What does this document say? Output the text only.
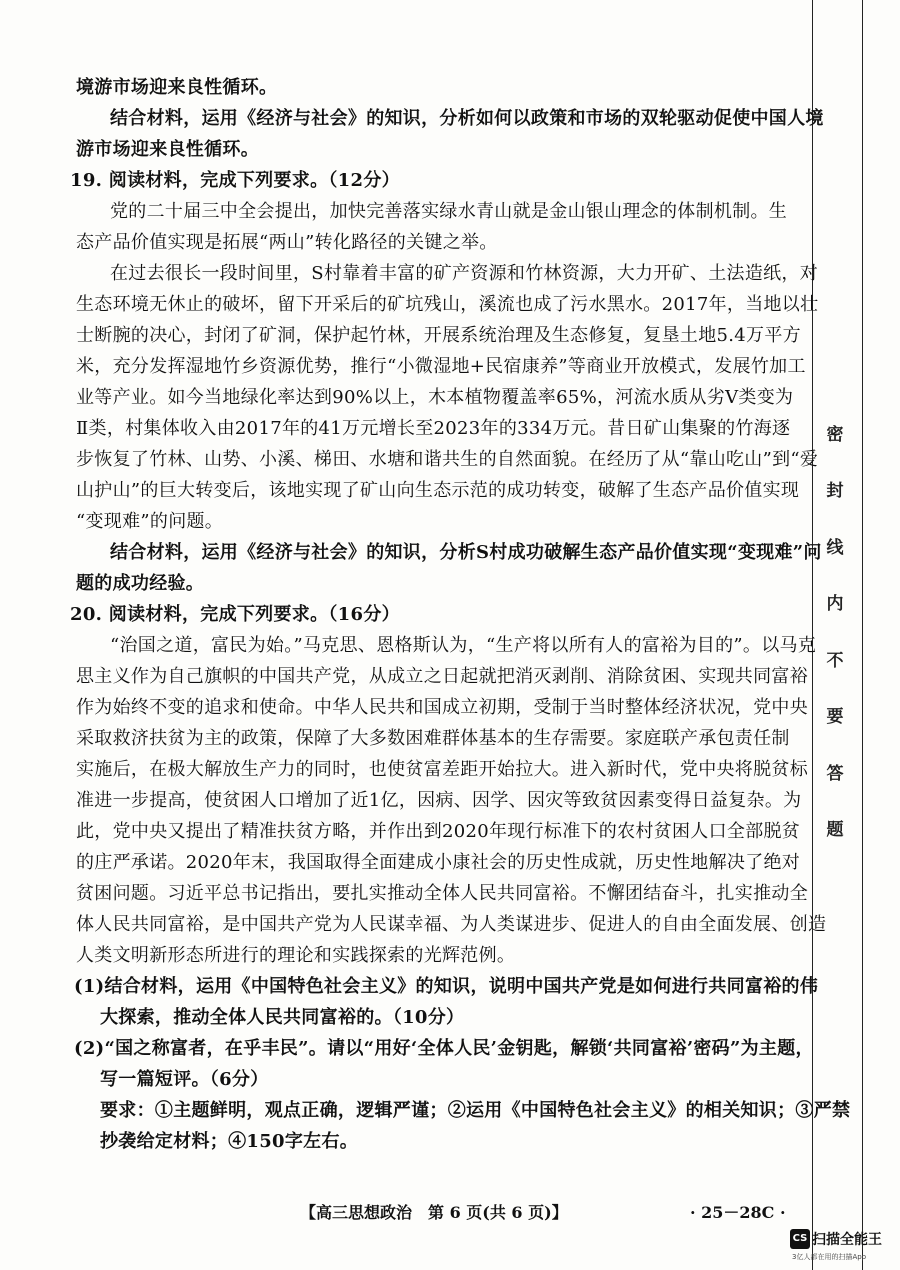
密
封
线
内
不
要
答
题
境游市场迎来良性循环。
结合材料，运用《经济与社会》的知识，分析如何以政策和市场的双轮驱动促使中国人境
游市场迎来良性循环。
19. 阅读材料，完成下列要求。（12分）
党的二十届三中全会提出，加快完善落实绿水青山就是金山银山理念的体制机制。生
态产品价值实现是拓展“两山”转化路径的关键之举。
在过去很长一段时间里，S村靠着丰富的矿产资源和竹林资源，大力开矿、土法造纸，对
生态环境无休止的破坏，留下开采后的矿坑残山，溪流也成了污水黑水。2017年，当地以壮
士断腕的决心，封闭了矿洞，保护起竹林，开展系统治理及生态修复，复垦土地5.4万平方
米，充分发挥湿地竹乡资源优势，推行“小微湿地+民宿康养”等商业开放模式，发展竹加工
业等产业。如今当地绿化率达到90%以上，木本植物覆盖率65%，河流水质从劣Ⅴ类变为
Ⅱ类，村集体收入由2017年的41万元增长至2023年的334万元。昔日矿山集聚的竹海逐
步恢复了竹林、山势、小溪、梯田、水塘和谐共生的自然面貌。在经历了从“靠山吃山”到“爱
山护山”的巨大转变后，该地实现了矿山向生态示范的成功转变，破解了生态产品价值实现
“变现难”的问题。
结合材料，运用《经济与社会》的知识，分析S村成功破解生态产品价值实现“变现难”问
题的成功经验。
20. 阅读材料，完成下列要求。（16分）
“治国之道，富民为始。”马克思、恩格斯认为，“生产将以所有人的富裕为目的”。以马克
思主义作为自己旗帜的中国共产党，从成立之日起就把消灭剥削、消除贫困、实现共同富裕
作为始终不变的追求和使命。中华人民共和国成立初期，受制于当时整体经济状况，党中央
采取救济扶贫为主的政策，保障了大多数困难群体基本的生存需要。家庭联产承包责任制
实施后，在极大解放生产力的同时，也使贫富差距开始拉大。进入新时代，党中央将脱贫标
准进一步提高，使贫困人口增加了近1亿，因病、因学、因灾等致贫因素变得日益复杂。为
此，党中央又提出了精准扶贫方略，并作出到2020年现行标准下的农村贫困人口全部脱贫
的庄严承诺。2020年末，我国取得全面建成小康社会的历史性成就，历史性地解决了绝对
贫困问题。习近平总书记指出，要扎实推动全体人民共同富裕。不懈团结奋斗，扎实推动全
体人民共同富裕，是中国共产党为人民谋幸福、为人类谋进步、促进人的自由全面发展、创造
人类文明新形态所进行的理论和实践探索的光辉范例。
(1)结合材料，运用《中国特色社会主义》的知识，说明中国共产党是如何进行共同富裕的伟
大探索，推动全体人民共同富裕的。（10分）
(2)“国之称富者，在乎丰民”。请以“用好‘全体人民’金钥匙，解锁‘共同富裕’密码”为主题，
写一篇短评。（6分）
要求：①主题鲜明，观点正确，逻辑严谨；②运用《中国特色社会主义》的相关知识；③严禁
抄袭给定材料；④150字左右。
【高三思想政治　第 6 页(共 6 页)】	· 25－28C ·
CS 扫描全能王
3亿人都在用的扫描App
